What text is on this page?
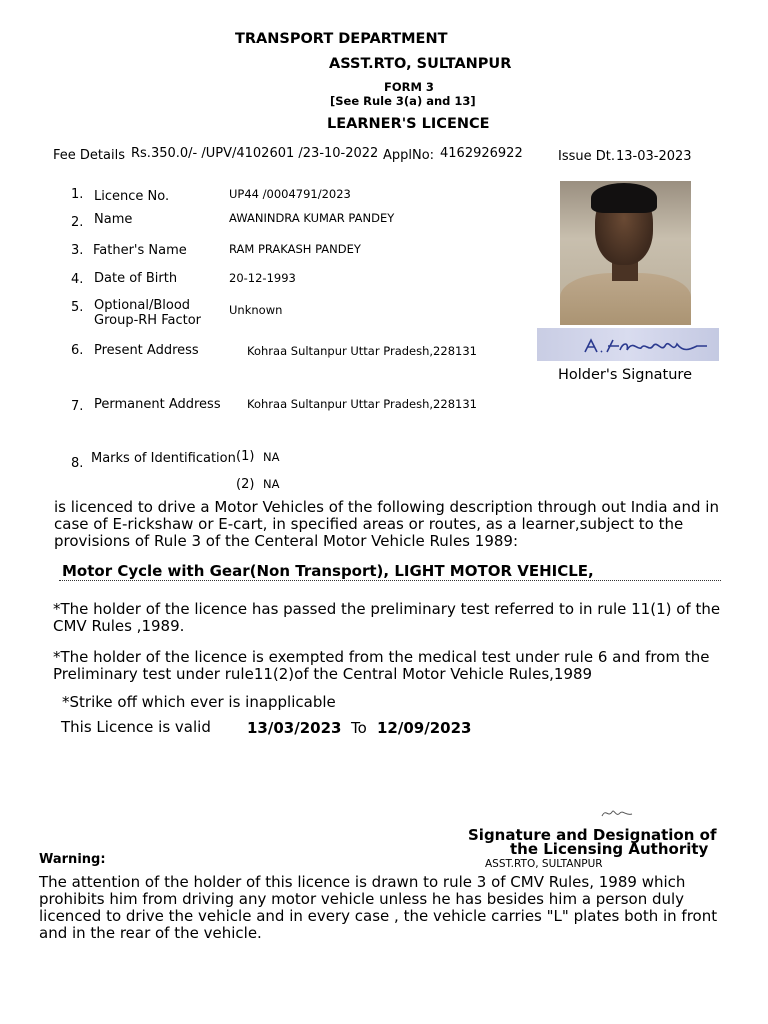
TRANSPORT DEPARTMENT
ASST.RTO, SULTANPUR
FORM 3
[See Rule 3(a) and 13]
LEARNER'S LICENCE
Fee Details Rs.350.0/- /UPV/4102601 /23-10-2022 ApplNo: 4162926922	Issue Dt. 13-03-2023
1. Licence No.	UP44 /0004791/2023
2. Name	AWANINDRA KUMAR PANDEY
3. Father's Name	RAM PRAKASH PANDEY
4. Date of Birth	20-12-1993
5. Optional/Blood
Group-RH Factor
Unknown
6. Present Address	Kohraa Sultanpur Uttar Pradesh,228131
7. Permanent Address Kohraa Sultanpur Uttar Pradesh,228131
8. Marks of Identification (1) NA
(2) NA
Holder's Signature
is licenced to drive a Motor Vehicles of the following description through out India and in case of E-rickshaw or E-cart, in specified areas or routes, as a learner,subject to the provisions of Rule 3 of the Centeral Motor Vehicle Rules 1989:
Motor Cycle with Gear(Non Transport), LIGHT MOTOR VEHICLE,
*The holder of the licence has passed the preliminary test referred to in rule 11(1) of the CMV Rules ,1989.
*The holder of the licence is exempted from the medical test under rule 6 and from the Preliminary test under rule11(2)of the Central Motor Vehicle Rules,1989
*Strike off which ever is inapplicable
This Licence is valid 13/03/2023 To 12/09/2023
Signature and Designation of
the Licensing Authority
ASST.RTO, SULTANPUR
Warning:
The attention of the holder of this licence is drawn to rule 3 of CMV Rules, 1989 which prohibits him from driving any motor vehicle unless he has besides him a person duly licenced to drive the vehicle and in every case , the vehicle carries "L" plates both in front and in the rear of the vehicle.
